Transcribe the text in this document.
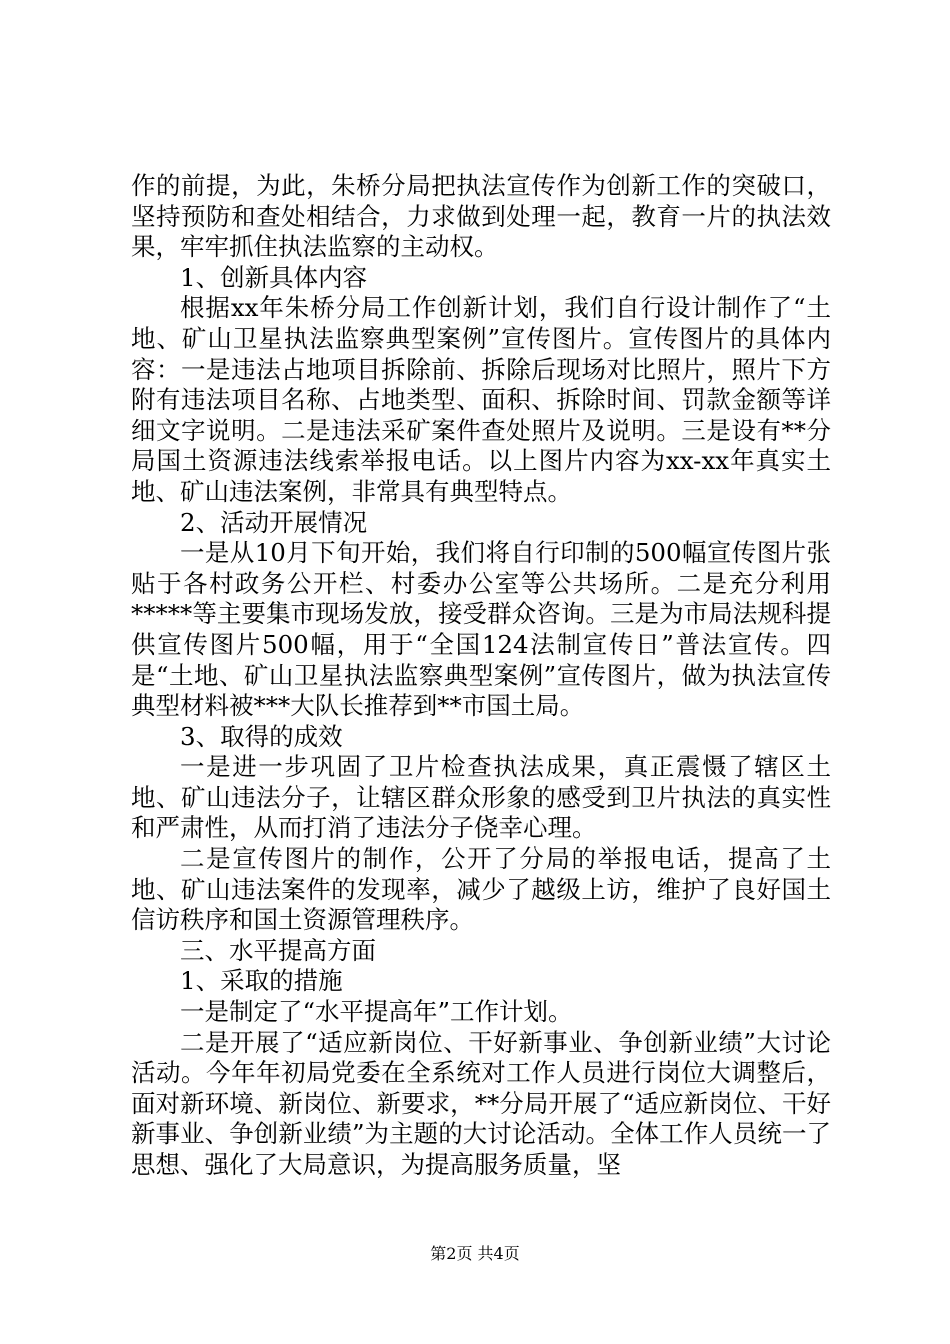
作的前提，为此，朱桥分局把执法宣传作为创新工作的突破口，坚持预防和查处相结合，力求做到处理一起，教育一片的执法效果，牢牢抓住执法监察的主动权。

1、创新具体内容

根据xx年朱桥分局工作创新计划，我们自行设计制作了“土地、矿山卫星执法监察典型案例”宣传图片。宣传图片的具体内容：一是违法占地项目拆除前、拆除后现场对比照片，照片下方附有违法项目名称、占地类型、面积、拆除时间、罚款金额等详细文字说明。二是违法采矿案件查处照片及说明。三是设有**分局国土资源违法线索举报电话。以上图片内容为xx-xx年真实土地、矿山违法案例，非常具有典型特点。

2、活动开展情况

一是从10月下旬开始，我们将自行印制的500幅宣传图片张贴于各村政务公开栏、村委办公室等公共场所。二是充分利用*****等主要集市现场发放，接受群众咨询。三是为市局法规科提供宣传图片500幅，用于“全国124法制宣传日”普法宣传。四是“土地、矿山卫星执法监察典型案例”宣传图片，做为执法宣传典型材料被***大队长推荐到**市国土局。

3、取得的成效

一是进一步巩固了卫片检查执法成果，真正震慑了辖区土地、矿山违法分子，让辖区群众形象的感受到卫片执法的真实性和严肃性，从而打消了违法分子侥幸心理。

二是宣传图片的制作，公开了分局的举报电话，提高了土地、矿山违法案件的发现率，减少了越级上访，维护了良好国土信访秩序和国土资源管理秩序。

三、水平提高方面

1、采取的措施

一是制定了“水平提高年”工作计划。

二是开展了“适应新岗位、干好新事业、争创新业绩”大讨论活动。今年年初局党委在全系统对工作人员进行岗位大调整后，面对新环境、新岗位、新要求，**分局开展了“适应新岗位、干好新事业、争创新业绩”为主题的大讨论活动。全体工作人员统一了思想、强化了大局意识，为提高服务质量，坚

第2页 共4页
